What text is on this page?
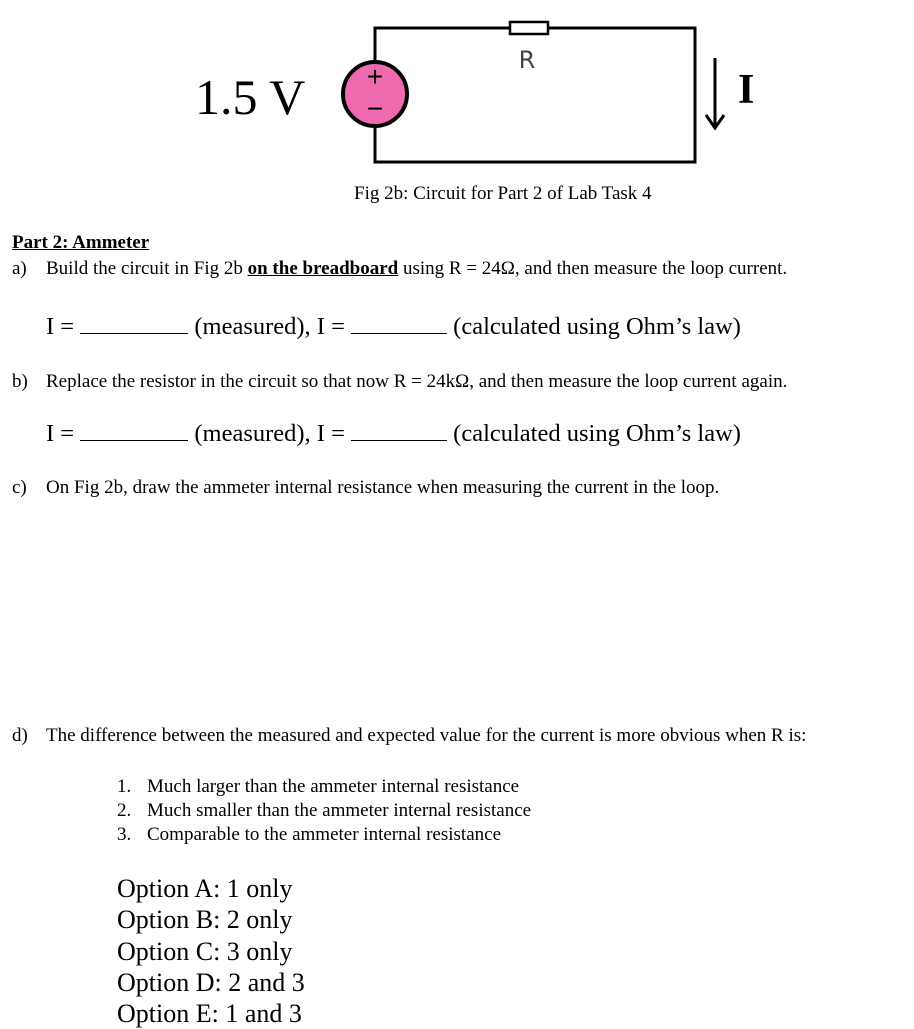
+
−
1.5 V
R
I
Fig 2b: Circuit for Part 2 of Lab Task 4
Part 2: Ammeter
a) Build the circuit in Fig 2b on the breadboard using R = 24Ω, and then measure the loop current.
I =	(measured), I =	(calculated using Ohm’s law)
b) Replace the resistor in the circuit so that now R = 24kΩ, and then measure the loop current again.
I =	(measured), I =	(calculated using Ohm’s law)
c) On Fig 2b, draw the ammeter internal resistance when measuring the current in the loop.
d) The difference between the measured and expected value for the current is more obvious when R is:
1. Much larger than the ammeter internal resistance
2. Much smaller than the ammeter internal resistance
3. Comparable to the ammeter internal resistance
Option A: 1 only
Option B: 2 only
Option C: 3 only
Option D: 2 and 3
Option E: 1 and 3
